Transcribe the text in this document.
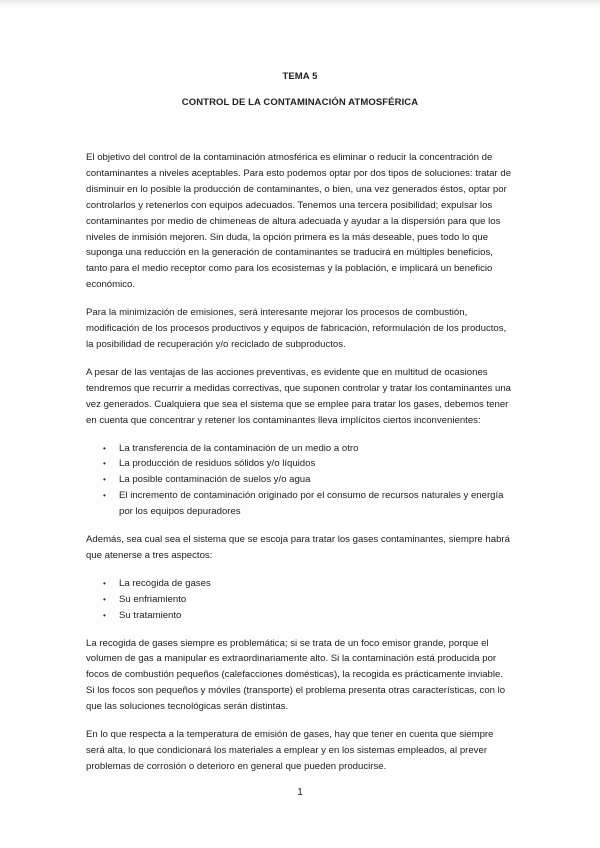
TEMA 5
CONTROL DE LA CONTAMINACIÓN ATMOSFÉRICA

El objetivo del control de la contaminación atmosférica es eliminar o reducir la concentración de contaminantes a niveles aceptables. Para esto podemos optar por dos tipos de soluciones: tratar de disminuir en lo posible la producción de contaminantes, o bien, una vez generados éstos, optar por controlarlos y retenerlos con equipos adecuados. Tenemos una tercera posibilidad; expulsar los contaminantes por medio de chimeneas de altura adecuada y ayudar a la dispersión para que los niveles de inmisión mejoren. Sin duda, la opción primera es la más deseable, pues todo lo que suponga una reducción en la generación de contaminantes se traducirá en múltiples beneficios, tanto para el medio receptor como para los ecosistemas y la población, e implicará un beneficio económico.

Para la minimización de emisiones, será interesante mejorar los procesos de combustión, modificación de los procesos productivos y equipos de fabricación, reformulación de los productos, la posibilidad de recuperación y/o reciclado de subproductos.

A pesar de las ventajas de las acciones preventivas, es evidente que en multitud de ocasiones tendremos que recurrir a medidas correctivas, que suponen controlar y tratar los contaminantes una vez generados. Cualquiera que sea el sistema que se emplee para tratar los gases, debemos tener en cuenta que concentrar y retener los contaminantes lleva implícitos ciertos inconvenientes:

• La transferencia de la contaminación de un medio a otro
• La producción de residuos sólidos y/o líquidos
• La posible contaminación de suelos y/o agua
• El incremento de contaminación originado por el consumo de recursos naturales y energía por los equipos depuradores

Además, sea cual sea el sistema que se escoja para tratar los gases contaminantes, siempre habrá que atenerse a tres aspectos:

• La recogida de gases
• Su enfriamiento
• Su tratamiento

La recogida de gases siempre es problemática; si se trata de un foco emisor grande, porque el volumen de gas a manipular es extraordinariamente alto. Si la contaminación está producida por focos de combustión pequeños (calefacciones domésticas), la recogida es prácticamente inviable. Si los focos son pequeños y móviles (transporte) el problema presenta otras características, con lo que las soluciones tecnológicas serán distintas.

En lo que respecta a la temperatura de emisión de gases, hay que tener en cuenta que siempre será alta, lo que condicionará los materiales a emplear y en los sistemas empleados, al prever problemas de corrosión o deterioro en general que pueden producirse.

1
